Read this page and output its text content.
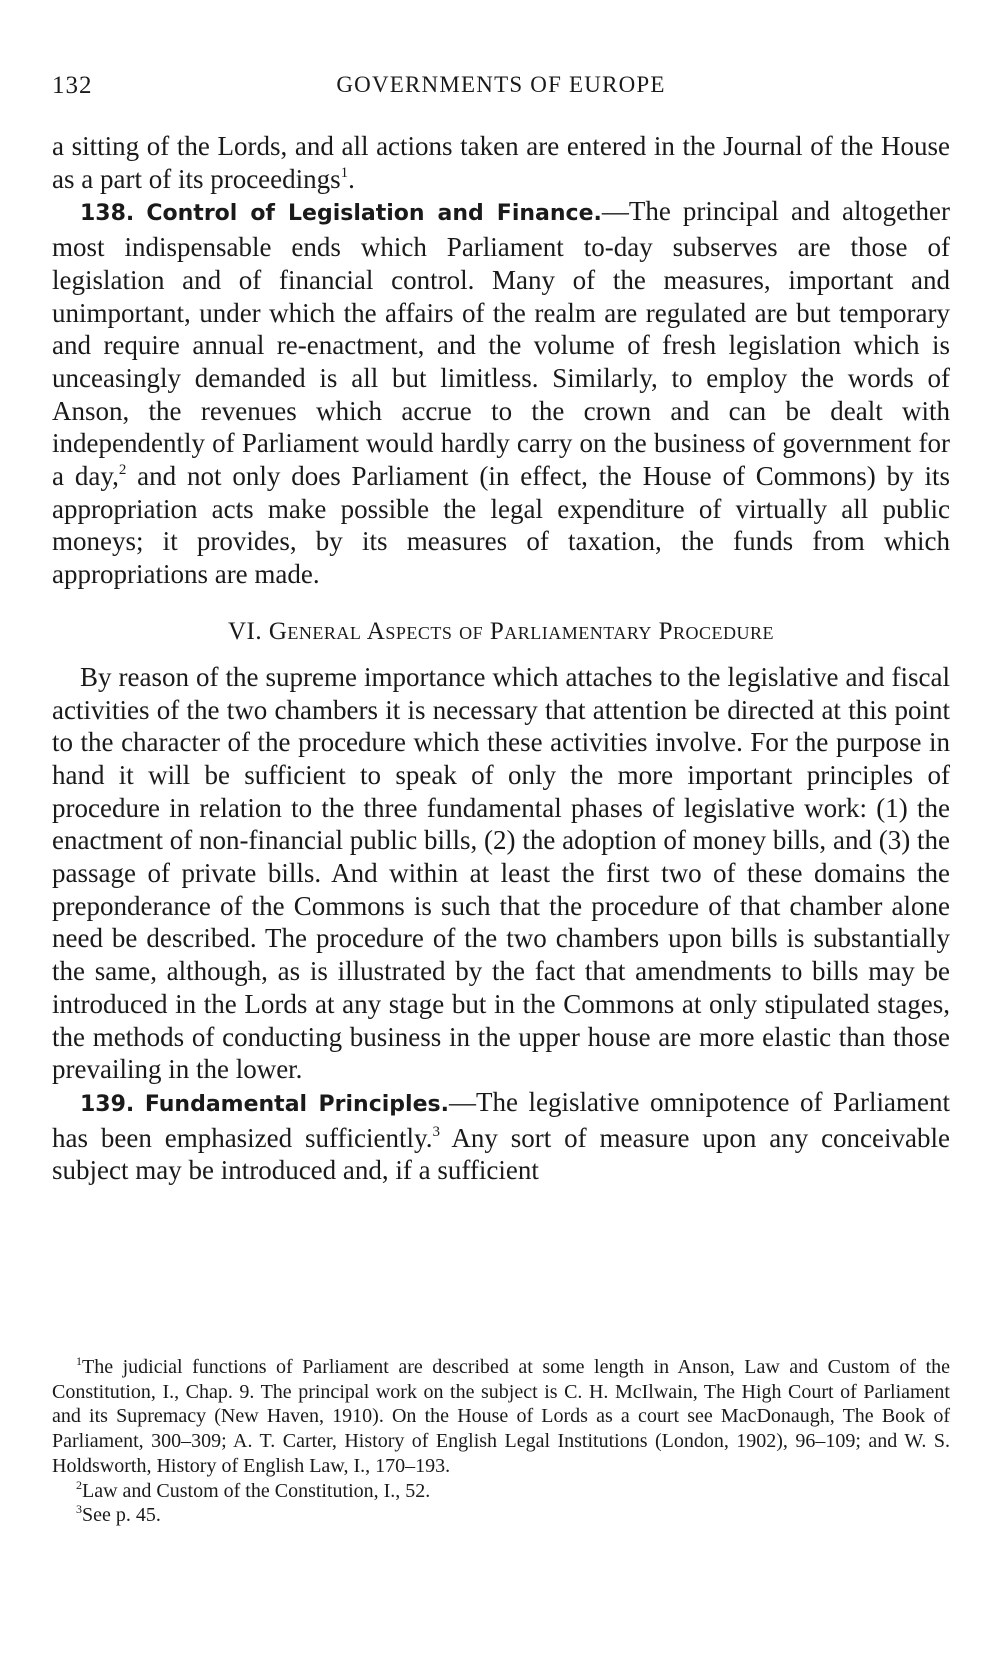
132	GOVERNMENTS OF EUROPE

a sitting of the Lords, and all actions taken are entered in the Journal of the House as a part of its proceedings$^1$.

138. Control of Legislation and Finance.—The principal and altogether most indispensable ends which Parliament to-day subserves are those of legislation and of financial control. Many of the measures, important and unimportant, under which the affairs of the realm are regulated are but temporary and require annual re-enactment, and the volume of fresh legislation which is unceasingly demanded is all but limitless. Similarly, to employ the words of Anson, the revenues which accrue to the crown and can be dealt with independently of Parliament would hardly carry on the business of government for a day,$^2$ and not only does Parliament (in effect, the House of Commons) by its appropriation acts make possible the legal expenditure of virtually all public moneys; it provides, by its measures of taxation, the funds from which appropriations are made.

VI. General Aspects of Parliamentary Procedure

By reason of the supreme importance which attaches to the legislative and fiscal activities of the two chambers it is necessary that attention be directed at this point to the character of the procedure which these activities involve. For the purpose in hand it will be sufficient to speak of only the more important principles of procedure in relation to the three fundamental phases of legislative work: (1) the enactment of non-financial public bills, (2) the adoption of money bills, and (3) the passage of private bills. And within at least the first two of these domains the preponderance of the Commons is such that the procedure of that chamber alone need be described. The procedure of the two chambers upon bills is substantially the same, although, as is illustrated by the fact that amendments to bills may be introduced in the Lords at any stage but in the Commons at only stipulated stages, the methods of conducting business in the upper house are more elastic than those prevailing in the lower.

139. Fundamental Principles.—The legislative omnipotence of Parliament has been emphasized sufficiently.$^3$ Any sort of measure upon any conceivable subject may be introduced and, if a sufficient

$^1$The judicial functions of Parliament are described at some length in Anson, Law and Custom of the Constitution, I., Chap. 9. The principal work on the subject is C. H. McIlwain, The High Court of Parliament and its Supremacy (New Haven, 1910). On the House of Lords as a court see MacDonaugh, The Book of Parliament, 300–309; A. T. Carter, History of English Legal Institutions (London, 1902), 96–109; and W. S. Holdsworth, History of English Law, I., 170–193.

$^2$Law and Custom of the Constitution, I., 52.

$^3$See p. 45.
